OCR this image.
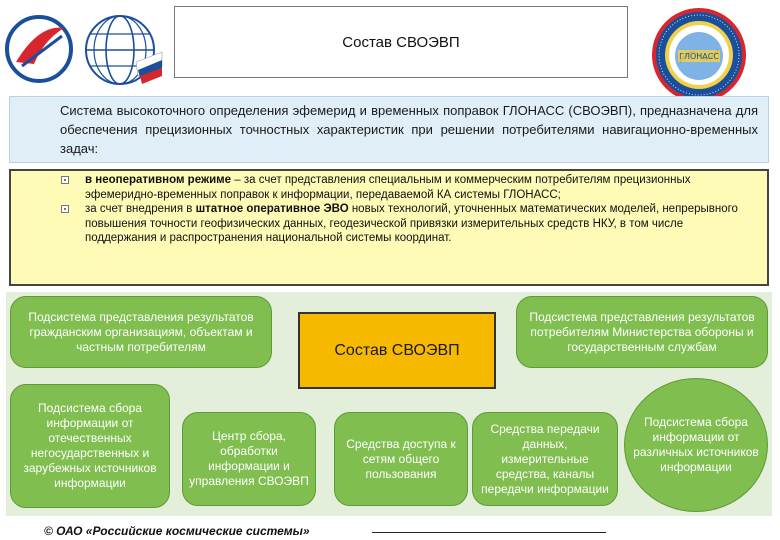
ГЛОНАСС
Состав СВОЭВП
Система высокоточного определения эфемерид и временных поправок ГЛОНАСС (СВОЭВП), предназначена для обеспечения прецизионных точностных характеристик при решении потребителями навигационно-временных задач:
в неоперативном режиме – за счет представления специальным и коммерческим потребителям прецизионных эфемеридно-временных поправок к информации, передаваемой КА системы ГЛОНАСС;
за счет внедрения в штатное оперативное ЭВО новых технологий, уточненных математических моделей, непрерывного повышения точности геофизических данных, геодезической привязки измерительных средств НКУ, в том числе поддержания и распространения национальной системы координат.
Подсистема представления результатов гражданским организациям, объектам и частным потребителям
Подсистема представления результатов потребителям Министерства обороны и государственным службам
Состав СВОЭВП
Подсистема сбора информации от отечественных негосударственных и зарубежных источников информации
Центр сбора, обработки информации и управления СВОЭВП
Средства доступа к сетям общего пользования
Средства передачи данных, измерительные средства, каналы передачи информации
Подсистема сбора информации от различных источников информации
© ОАО «Российские космические системы»
